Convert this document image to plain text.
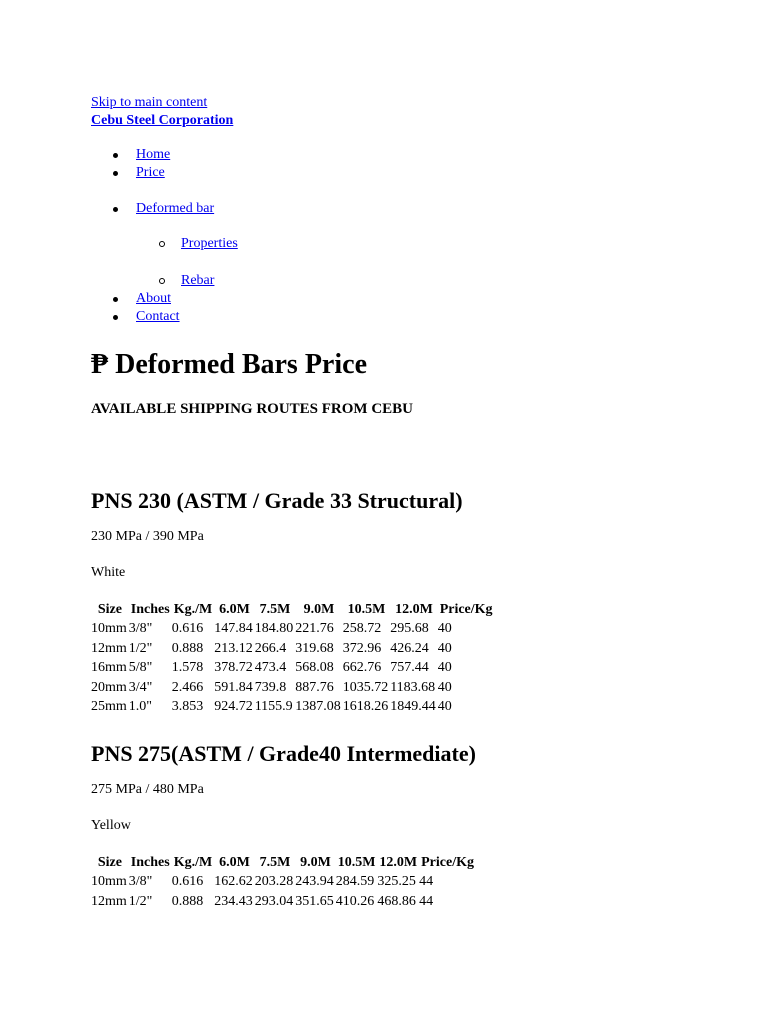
Skip to main content
Cebu Steel Corporation
Home
Price
Deformed bar
Properties
Rebar
About
Contact
₱ Deformed Bars Price
AVAILABLE SHIPPING ROUTES FROM CEBU
PNS 230 (ASTM / Grade 33 Structural)
230 MPa / 390 MPa
White
Size	Inches	Kg./M	6.0M	7.5M	9.0M	10.5M	12.0M	Price/Kg
10mm	3/8"	0.616	147.84	184.80	221.76	258.72	295.68	40
12mm	1/2"	0.888	213.12	266.4	319.68	372.96	426.24	40
16mm	5/8"	1.578	378.72	473.4	568.08	662.76	757.44	40
20mm	3/4"	2.466	591.84	739.8	887.76	1035.72	1183.68	40
25mm	1.0"	3.853	924.72	1155.9	1387.08	1618.26	1849.44	40
PNS 275(ASTM / Grade40 Intermediate)
275 MPa / 480 MPa
Yellow
Size	Inches	Kg./M	6.0M	7.5M	9.0M	10.5M	12.0M	Price/Kg
10mm	3/8"	0.616	162.62	203.28	243.94	284.59	325.25	44
12mm	1/2"	0.888	234.43	293.04	351.65	410.26	468.86	44
